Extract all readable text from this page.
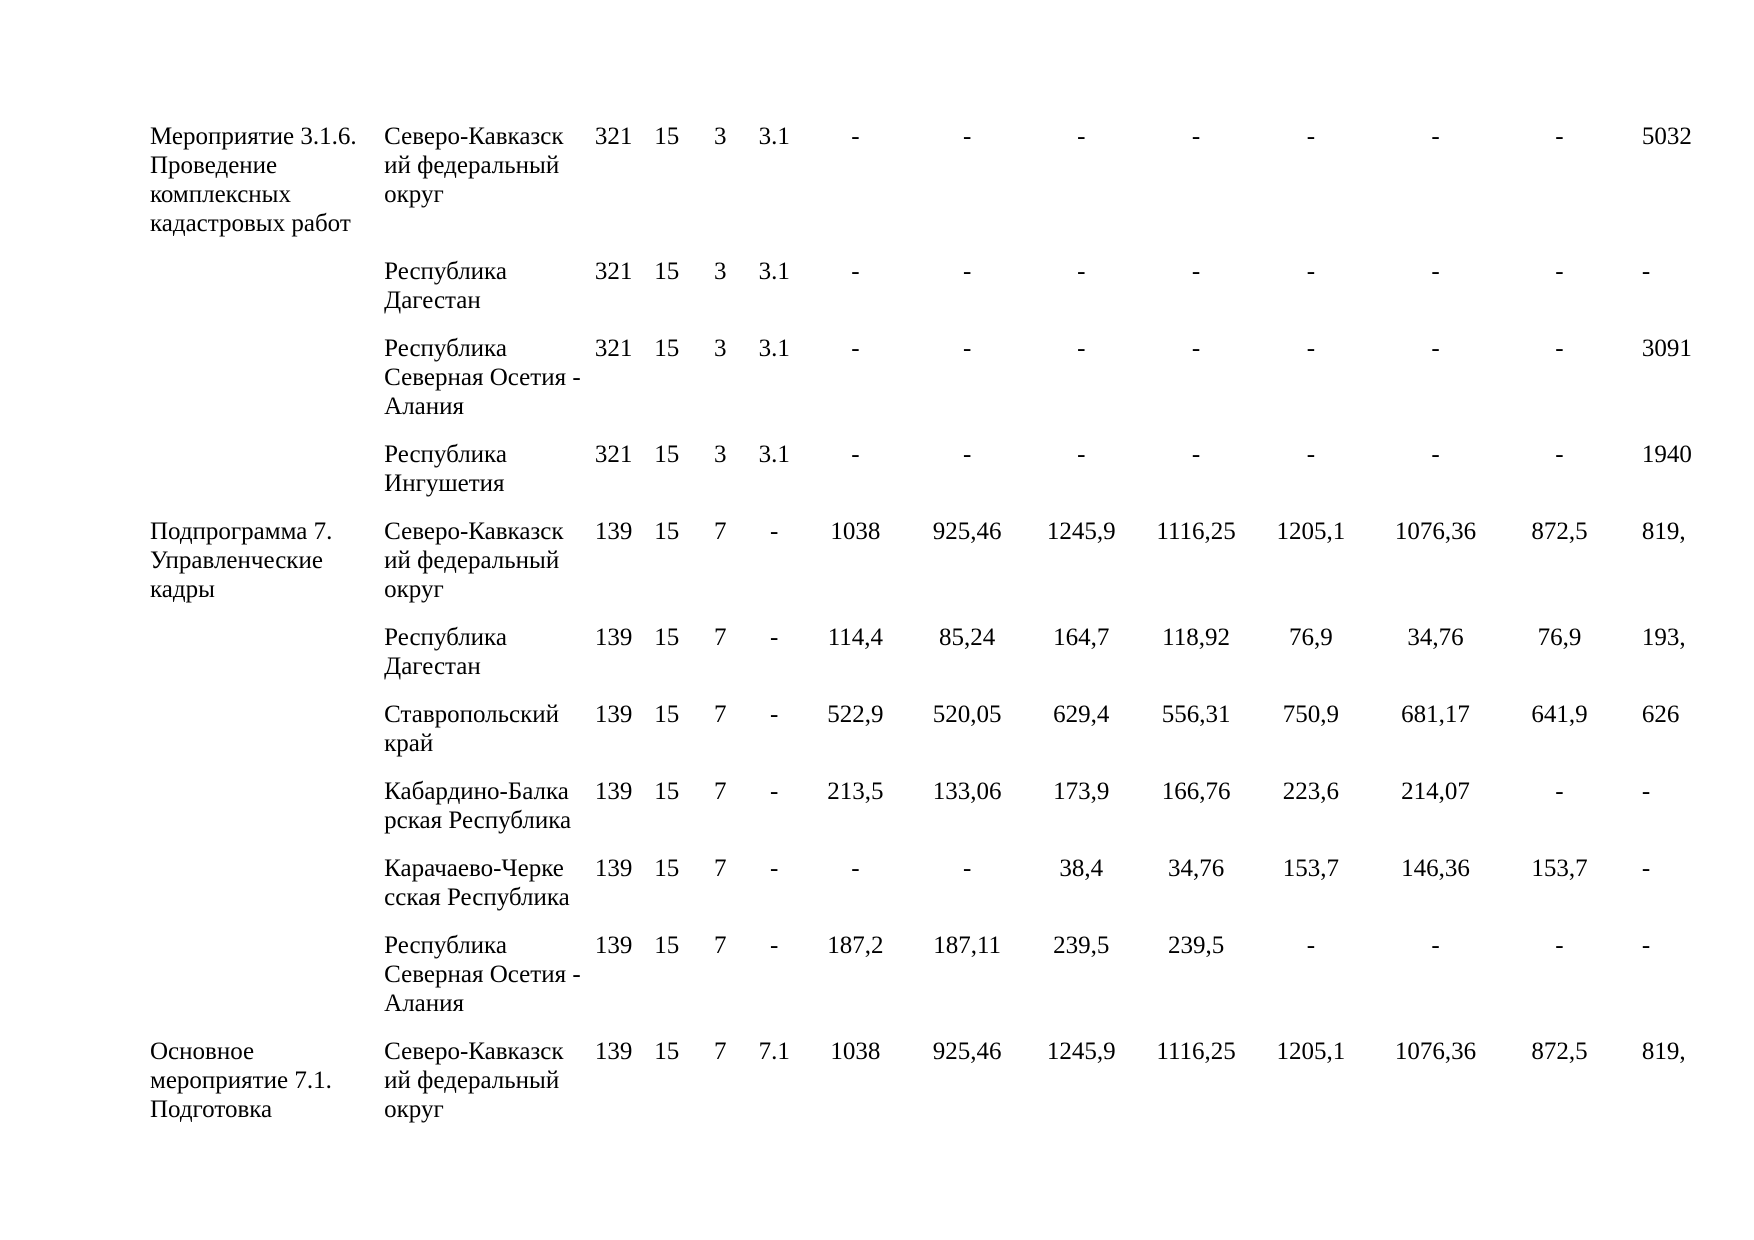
Мероприятие 3.1.6. Проведение комплексных кадастровых работ	Северо-Кавказск ий федеральный округ	321	15	3	3.1	-	-	-	-	-	-	-	5032
	Республика Дагестан	321	15	3	3.1	-	-	-	-	-	-	-	-
	Республика Северная Осетия - Алания	321	15	3	3.1	-	-	-	-	-	-	-	3091
	Республика Ингушетия	321	15	3	3.1	-	-	-	-	-	-	-	1940
Подпрограмма 7. Управленческие кадры	Северо-Кавказск ий федеральный округ	139	15	7	-	1038	925,46	1245,9	1116,25	1205,1	1076,36	872,5	819,
	Республика Дагестан	139	15	7	-	114,4	85,24	164,7	118,92	76,9	34,76	76,9	193,
	Ставропольский край	139	15	7	-	522,9	520,05	629,4	556,31	750,9	681,17	641,9	626
	Кабардино-Балка рская Республика	139	15	7	-	213,5	133,06	173,9	166,76	223,6	214,07	-	-
	Карачаево-Черке сская Республика	139	15	7	-	-	-	38,4	34,76	153,7	146,36	153,7	-
	Республика Северная Осетия - Алания	139	15	7	-	187,2	187,11	239,5	239,5	-	-	-	-
Основное мероприятие 7.1. Подготовка	Северо-Кавказск ий федеральный округ	139	15	7	7.1	1038	925,46	1245,9	1116,25	1205,1	1076,36	872,5	819,
